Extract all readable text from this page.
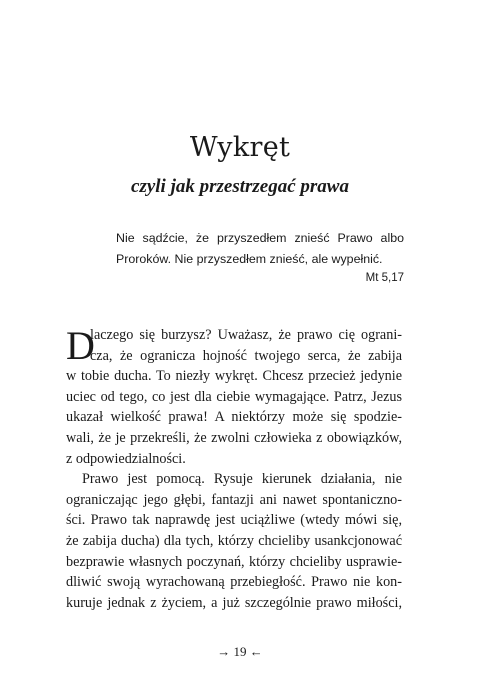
Wykręt
czyli jak przestrzegać prawa

Nie sądźcie, że przyszedłem znieść Prawo albo Proroków. Nie przyszedłem znieść, ale wypełnić.

Mt 5,17

D
laczego się burzysz? Uważasz, że prawo cię ograni-
cza, że ogranicza hojność twojego serca, że zabija
w tobie ducha. To niezły wykręt. Chcesz przecież jedynie
uciec od tego, co jest dla ciebie wymagające. Patrz, Jezus
ukazał wielkość prawa! A niektórzy może się spodzie-
wali, że je przekreśli, że zwolni człowieka z obowiązków,
z odpowiedzialności.
Prawo jest pomocą. Rysuje kierunek działania, nie
ograniczając jego głębi, fantazji ani nawet spontaniczno-
ści. Prawo tak naprawdę jest uciążliwe (wtedy mówi się,
że zabija ducha) dla tych, którzy chcieliby usankcjonować
bezprawie własnych poczynań, którzy chcieliby usprawie-
dliwić swoją wyrachowaną przebiegłość. Prawo nie kon-
kuruje jednak z życiem, a już szczególnie prawo miłości,
→ 19 ←
